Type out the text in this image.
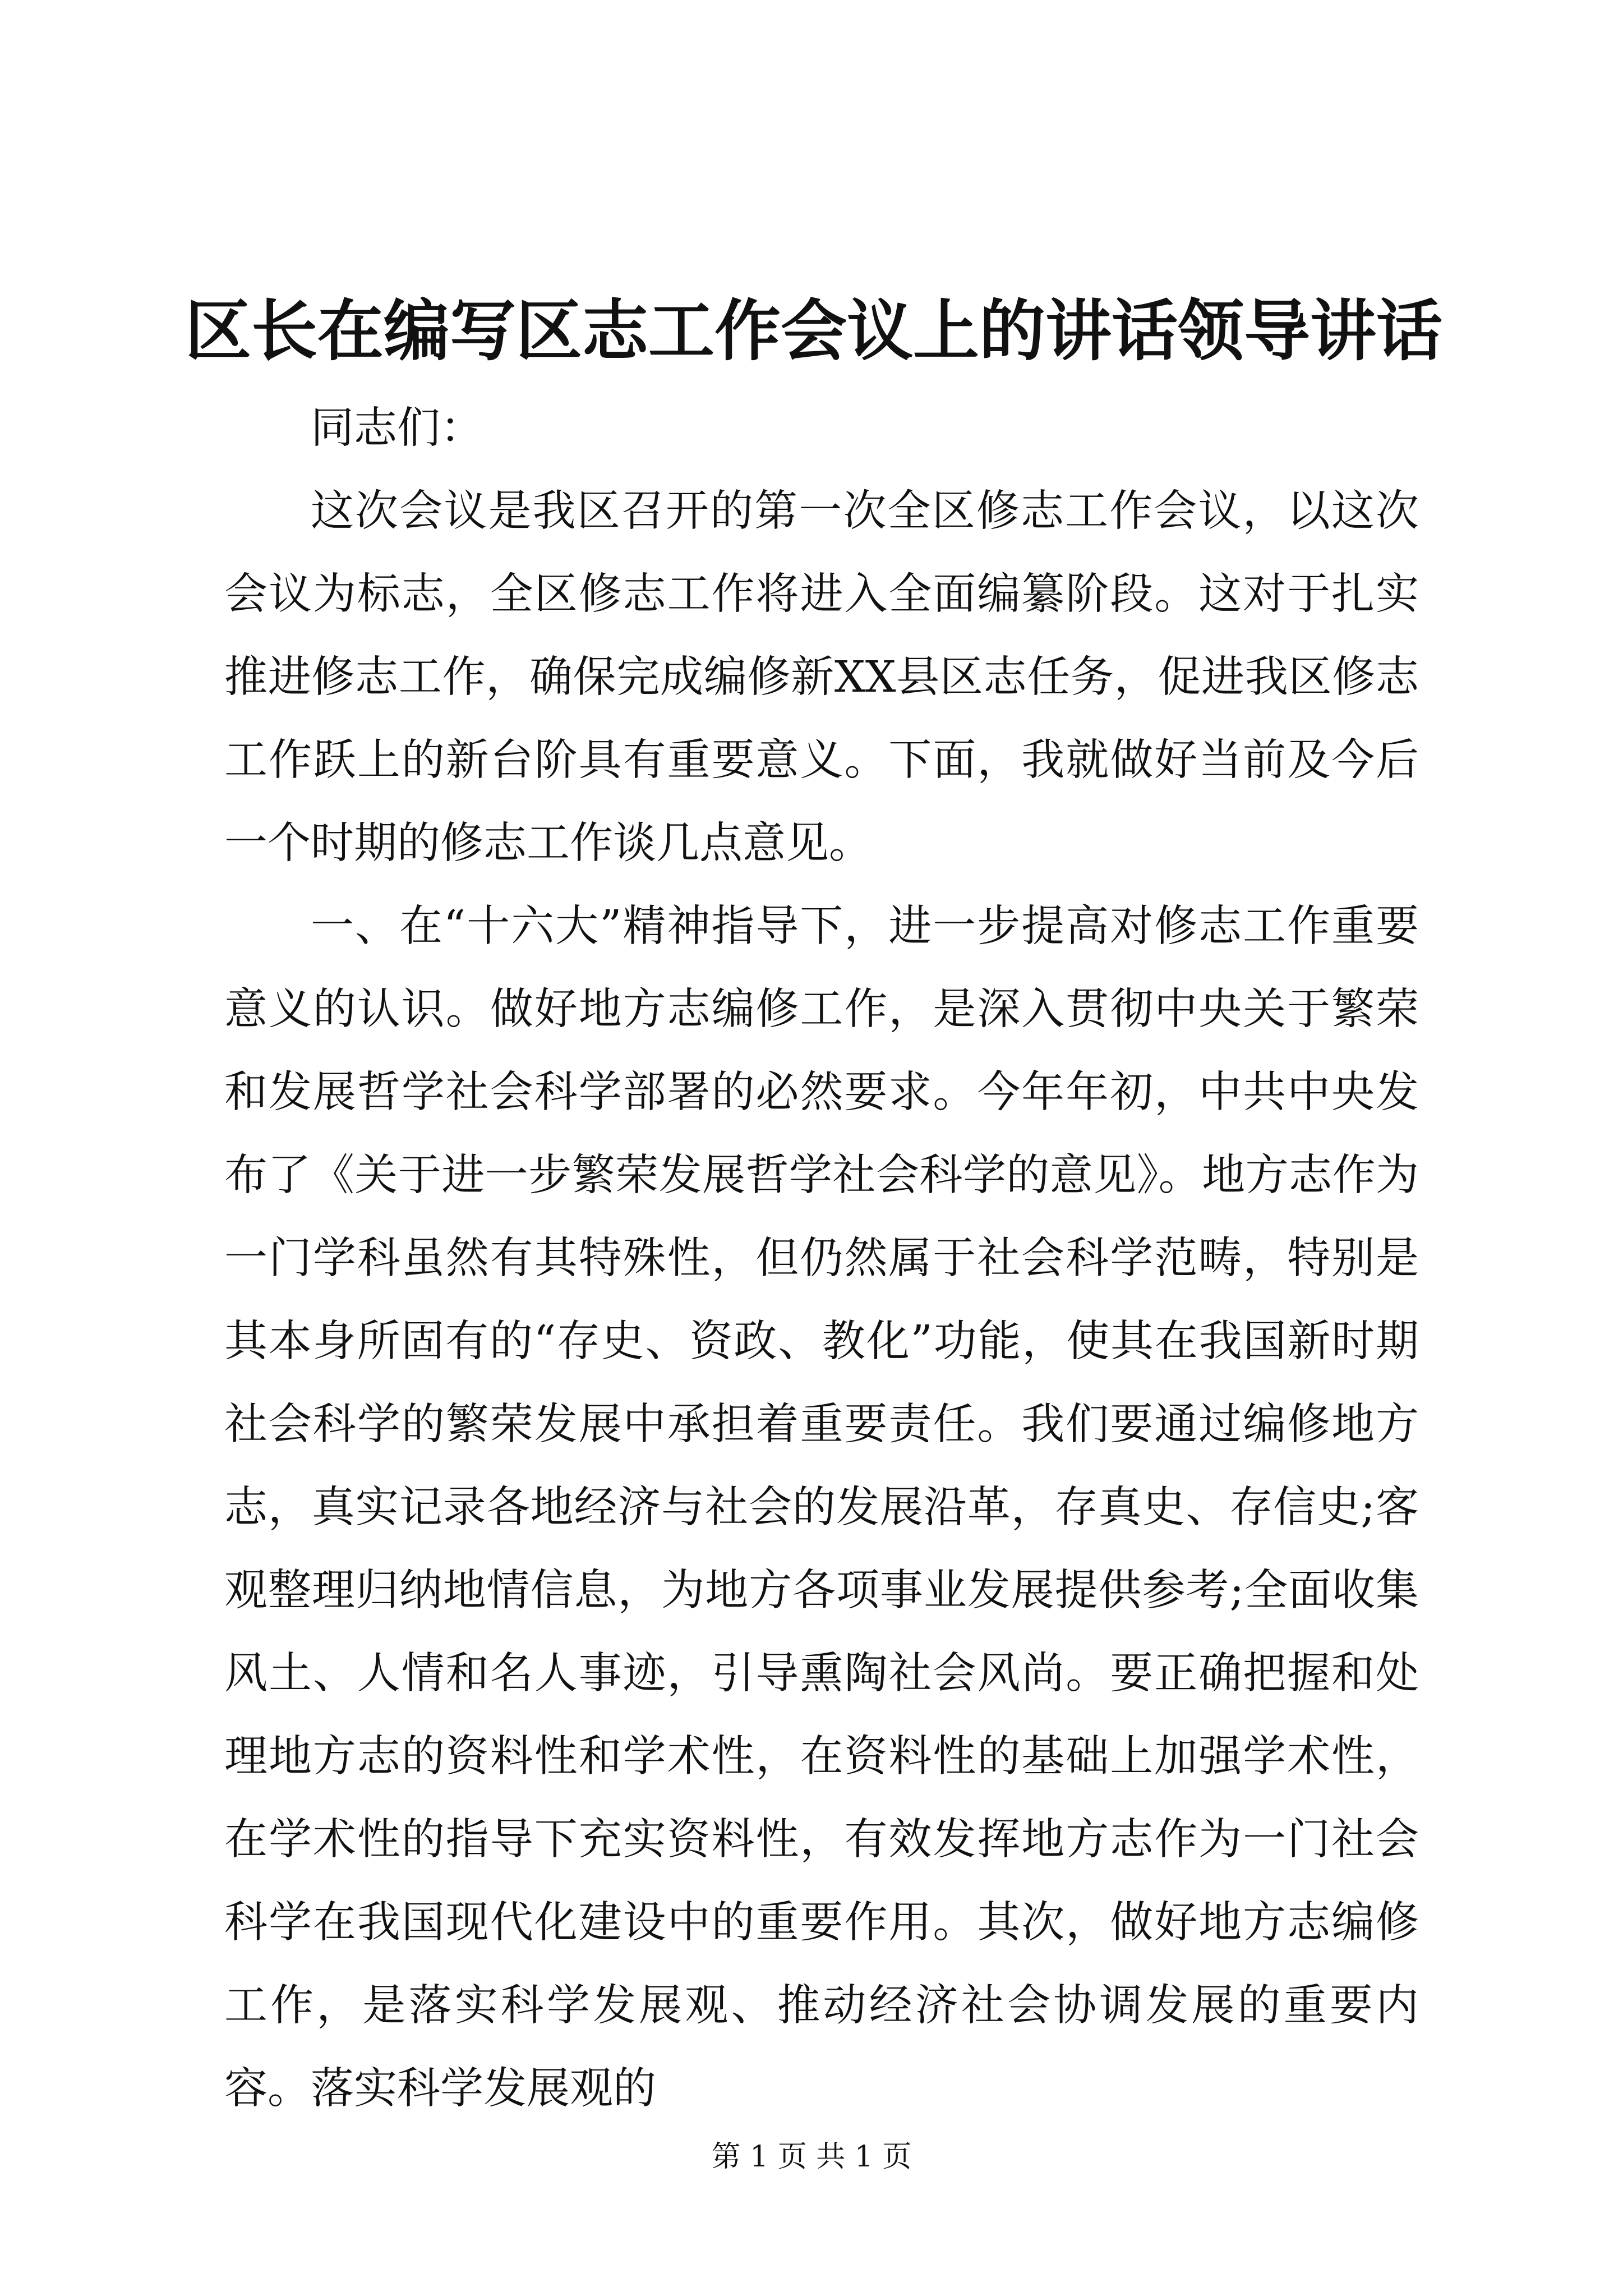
区长在编写区志工作会议上的讲话领导讲话

同志们：

这次会议是我区召开的第一次全区修志工作会议，以这次会议为标志，全区修志工作将进入全面编纂阶段。这对于扎实推进修志工作，确保完成编修新XX县区志任务，促进我区修志工作跃上的新台阶具有重要意义。下面，我就做好当前及今后一个时期的修志工作谈几点意见。

一、在“十六大”精神指导下，进一步提高对修志工作重要意义的认识。做好地方志编修工作，是深入贯彻中央关于繁荣和发展哲学社会科学部署的必然要求。今年年初，中共中央发布了《关于进一步繁荣发展哲学社会科学的意见》。地方志作为一门学科虽然有其特殊性，但仍然属于社会科学范畴，特别是其本身所固有的“存史、资政、教化”功能，使其在我国新时期社会科学的繁荣发展中承担着重要责任。我们要通过编修地方志，真实记录各地经济与社会的发展沿革，存真史、存信史;客观整理归纳地情信息，为地方各项事业发展提供参考;全面收集风土、人情和名人事迹，引导熏陶社会风尚。要正确把握和处理地方志的资料性和学术性，在资料性的基础上加强学术性，在学术性的指导下充实资料性，有效发挥地方志作为一门社会科学在我国现代化建设中的重要作用。其次，做好地方志编修工作，是落实科学发展观、推动经济社会协调发展的重要内容。落实科学发展观的

第 1 页 共 1 页
